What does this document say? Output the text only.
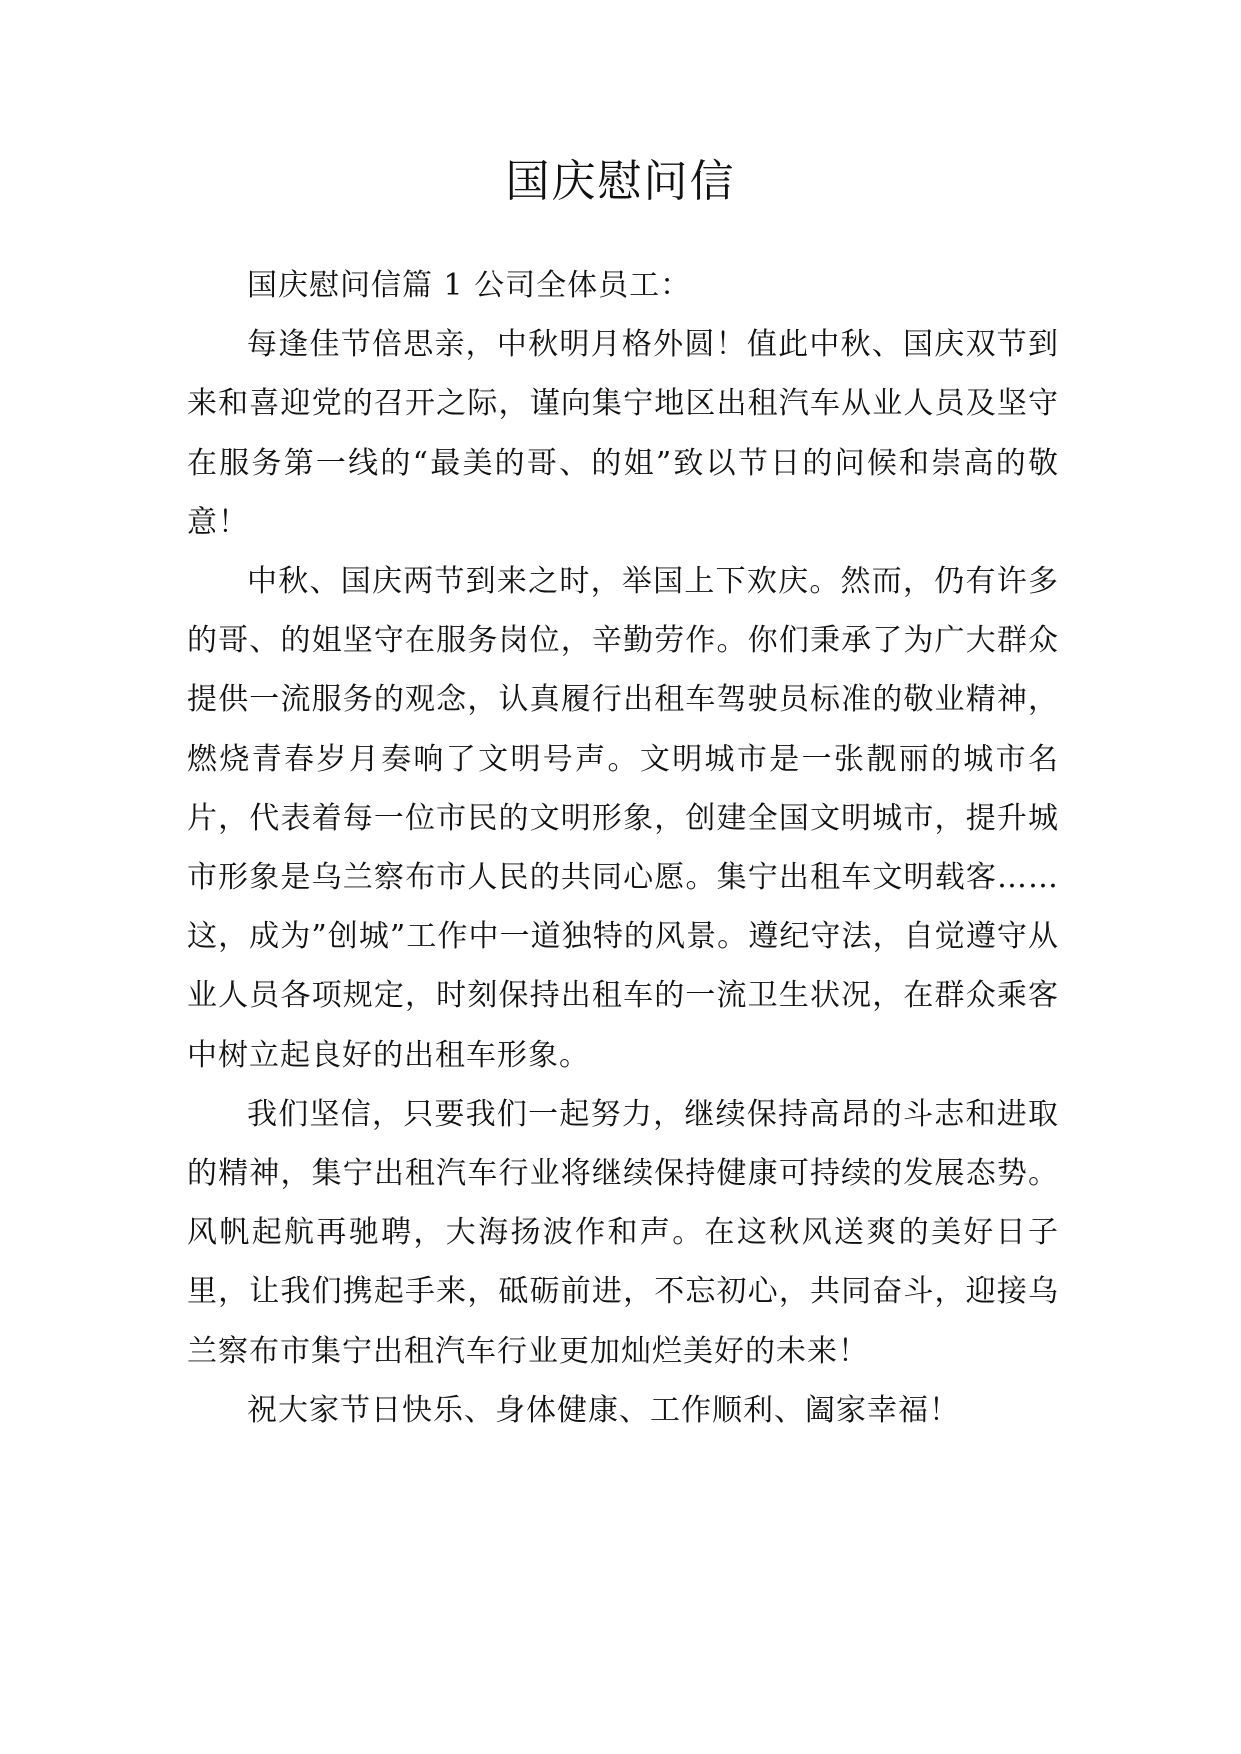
国庆慰问信

国庆慰问信篇 1 公司全体员工：

每逢佳节倍思亲，中秋明月格外圆！值此中秋、国庆双节到来和喜迎党的召开之际，谨向集宁地区出租汽车从业人员及坚守在服务第一线的“最美的哥、的姐”致以节日的问候和崇高的敬意！

中秋、国庆两节到来之时，举国上下欢庆。然而，仍有许多的哥、的姐坚守在服务岗位，辛勤劳作。你们秉承了为广大群众提供一流服务的观念，认真履行出租车驾驶员标准的敬业精神，燃烧青春岁月奏响了文明号声。文明城市是一张靓丽的城市名片，代表着每一位市民的文明形象，创建全国文明城市，提升城市形象是乌兰察布市人民的共同心愿。集宁出租车文明载客……这，成为”创城”工作中一道独特的风景。遵纪守法，自觉遵守从业人员各项规定，时刻保持出租车的一流卫生状况，在群众乘客中树立起良好的出租车形象。

我们坚信，只要我们一起努力，继续保持高昂的斗志和进取的精神，集宁出租汽车行业将继续保持健康可持续的发展态势。风帆起航再驰聘，大海扬波作和声。在这秋风送爽的美好日子里，让我们携起手来，砥砺前进，不忘初心，共同奋斗，迎接乌兰察布市集宁出租汽车行业更加灿烂美好的未来！

祝大家节日快乐、身体健康、工作顺利、阖家幸福！
